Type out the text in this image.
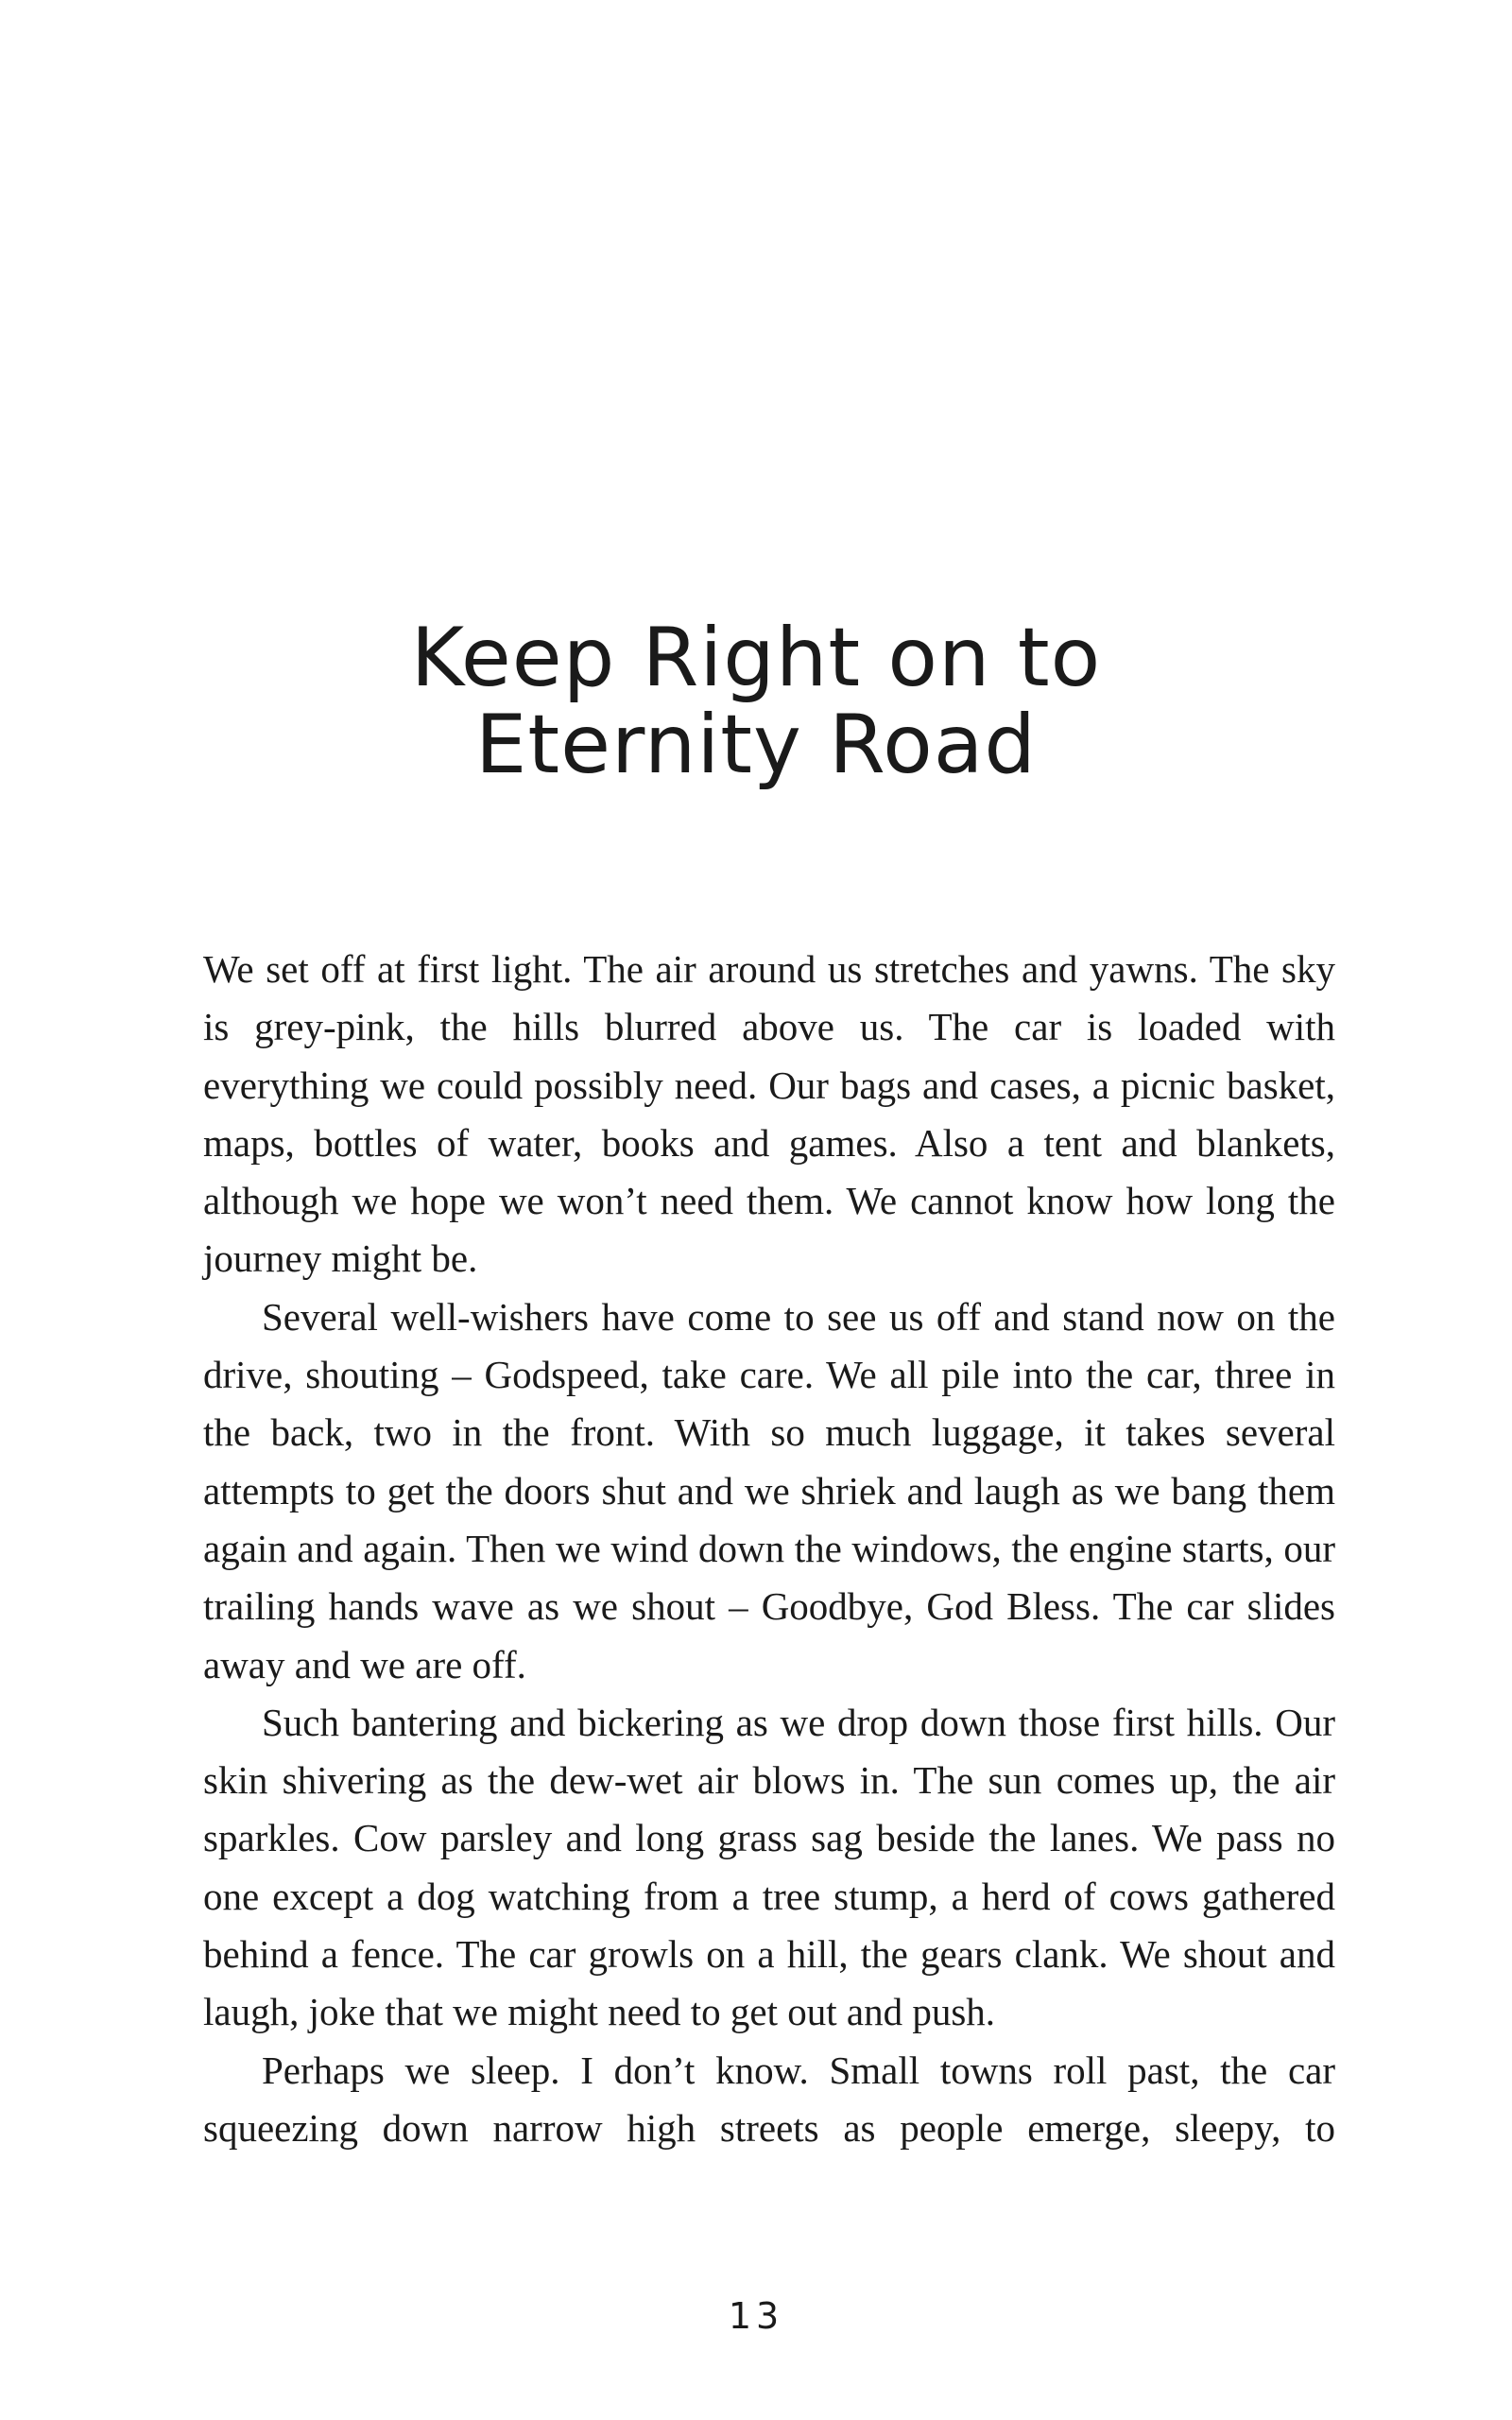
Keep Right on to
Eternity Road

We set off at first light. The air around us stretches and yawns. The sky is grey-pink, the hills blurred above us. The car is loaded with everything we could possibly need. Our bags and cases, a picnic basket, maps, bottles of water, books and games. Also a tent and blankets, although we hope we won’t need them. We cannot know how long the journey might be.

Several well-wishers have come to see us off and stand now on the drive, shouting – Godspeed, take care. We all pile into the car, three in the back, two in the front. With so much luggage, it takes several attempts to get the doors shut and we shriek and laugh as we bang them again and again. Then we wind down the windows, the engine starts, our trailing hands wave as we shout – Goodbye, God Bless. The car slides away and we are off.

Such bantering and bickering as we drop down those first hills. Our skin shivering as the dew-wet air blows in. The sun comes up, the air sparkles. Cow parsley and long grass sag beside the lanes. We pass no one except a dog watching from a tree stump, a herd of cows gathered behind a fence. The car growls on a hill, the gears clank. We shout and laugh, joke that we might need to get out and push.

Perhaps we sleep. I don’t know. Small towns roll past, the car squeezing down narrow high streets as people emerge, sleepy, to

13
